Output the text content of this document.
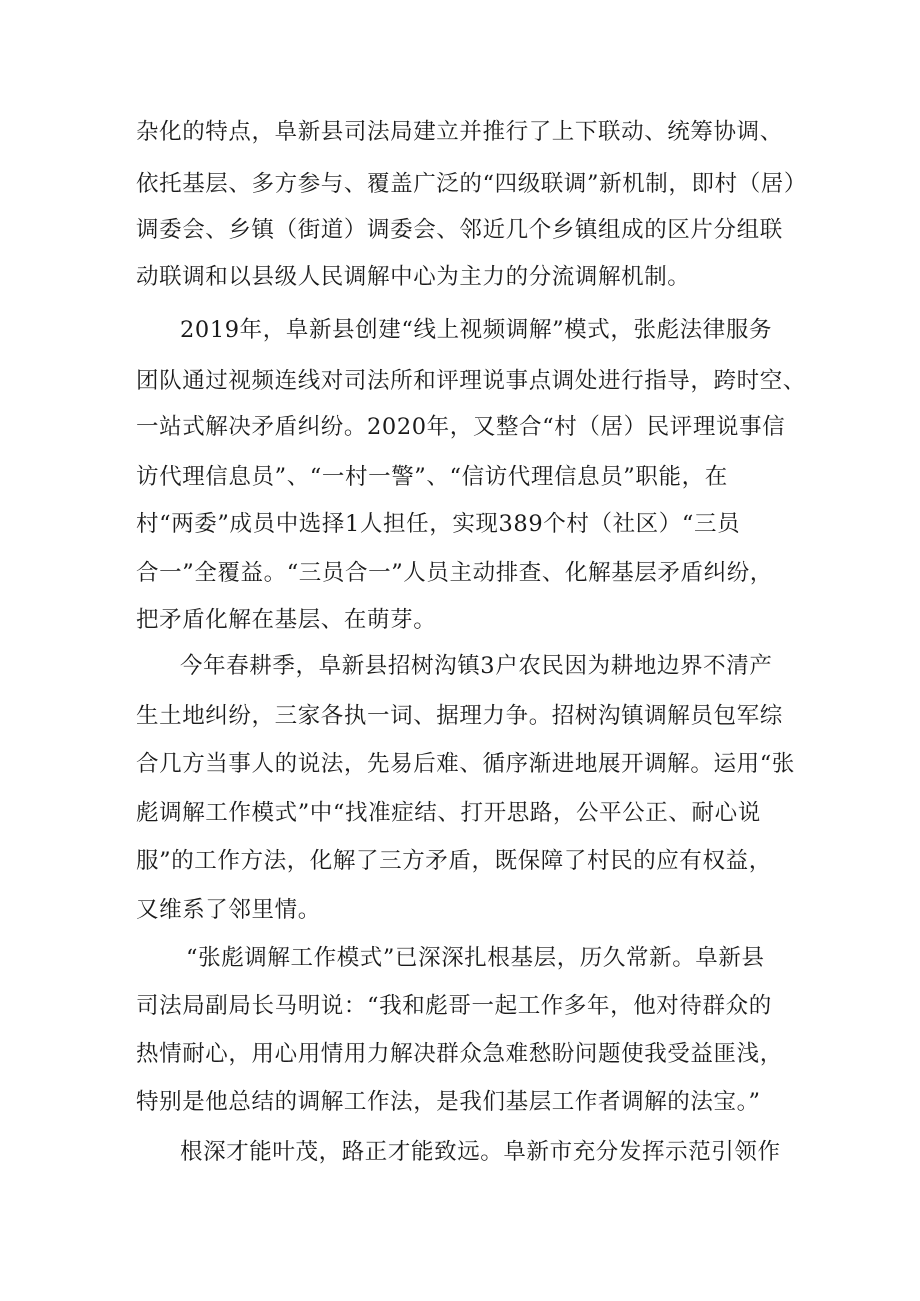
杂化的特点，阜新县司法局建立并推行了上下联动、统筹协调、
依托基层、多方参与、覆盖广泛的“四级联调”新机制，即村（居）
调委会、乡镇（街道）调委会、邻近几个乡镇组成的区片分组联
动联调和以县级人民调解中心为主力的分流调解机制。
2019年，阜新县创建“线上视频调解”模式，张彪法律服务
团队通过视频连线对司法所和评理说事点调处进行指导，跨时空、
一站式解决矛盾纠纷。2020年，又整合“村（居）民评理说事信
访代理信息员”、“一村一警”、“信访代理信息员”职能，在
村“两委”成员中选择1人担任，实现389个村（社区）“三员
合一”全覆益。“三员合一”人员主动排查、化解基层矛盾纠纷，
把矛盾化解在基层、在萌芽。
今年春耕季，阜新县招树沟镇3户农民因为耕地边界不清产
生土地纠纷，三家各执一词、据理力争。招树沟镇调解员包军综
合几方当事人的说法，先易后难、循序渐进地展开调解。运用“张
彪调解工作模式”中“找准症结、打开思路，公平公正、耐心说
服”的工作方法，化解了三方矛盾，既保障了村民的应有权益，
又维系了邻里情。
“张彪调解工作模式”已深深扎根基层，历久常新。阜新县
司法局副局长马明说：“我和彪哥一起工作多年，他对待群众的
热情耐心，用心用情用力解决群众急难愁盼问题使我受益匪浅，
特别是他总结的调解工作法，是我们基层工作者调解的法宝。”
根深才能叶茂，路正才能致远。阜新市充分发挥示范引领作
